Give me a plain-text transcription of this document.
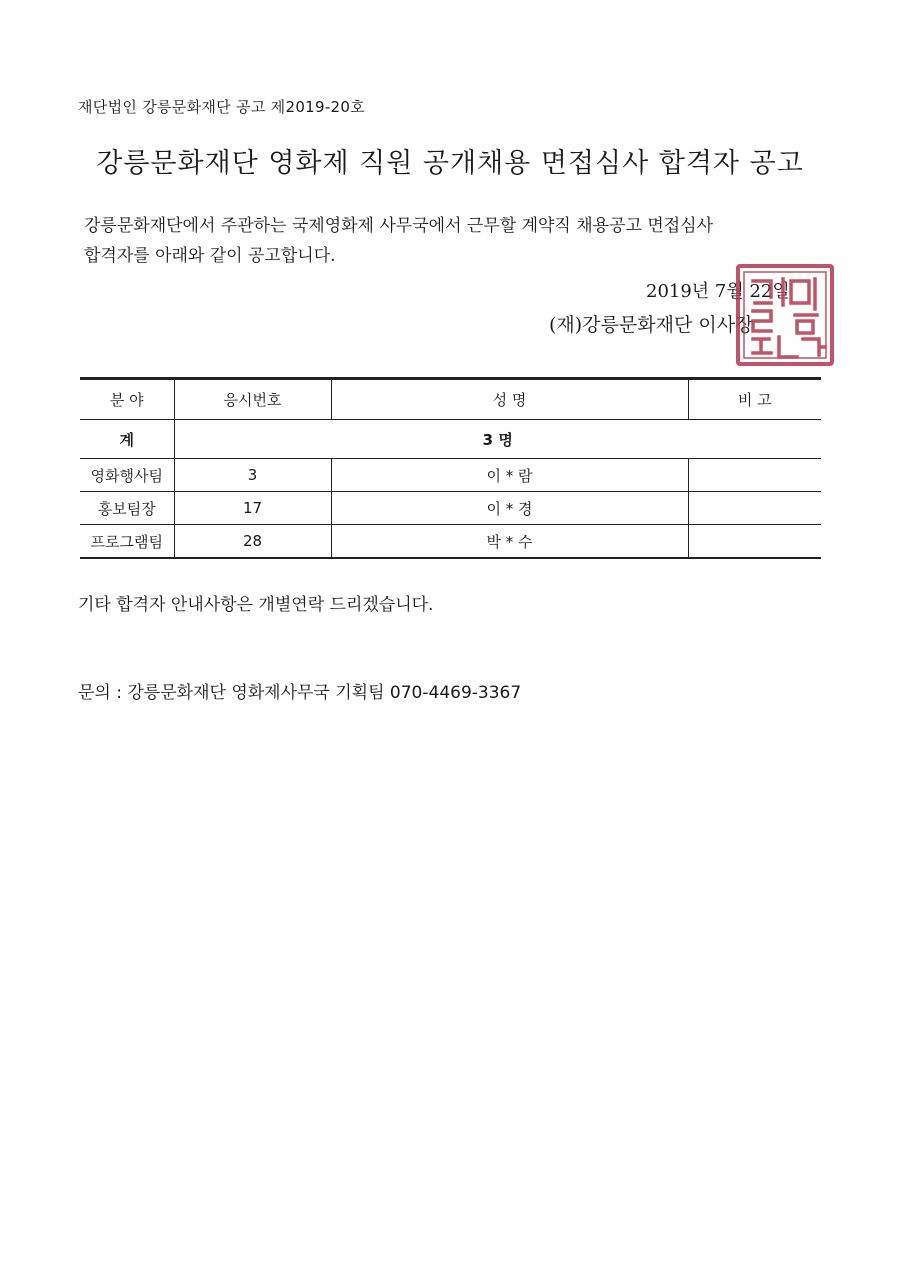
재단법인 강릉문화재단 공고 제2019-20호
강릉문화재단 영화제 직원 공개채용 면접심사 합격자 공고
강릉문화재단에서 주관하는 국제영화제 사무국에서 근무할 계약직 채용공고 면접심사
합격자를 아래와 같이 공고합니다.
2019년 7월 22일
(재)강릉문화재단 이사장
분 야	응시번호	성 명	비 고
계	3 명		
영화행사팀	3	이 * 람	
홍보팀장	17	이 * 경	
프로그램팀	28	박 * 수	
기타 합격자 안내사항은 개별연락 드리겠습니다.
문의 : 강릉문화재단 영화제사무국 기획팀 070-4469-3367
